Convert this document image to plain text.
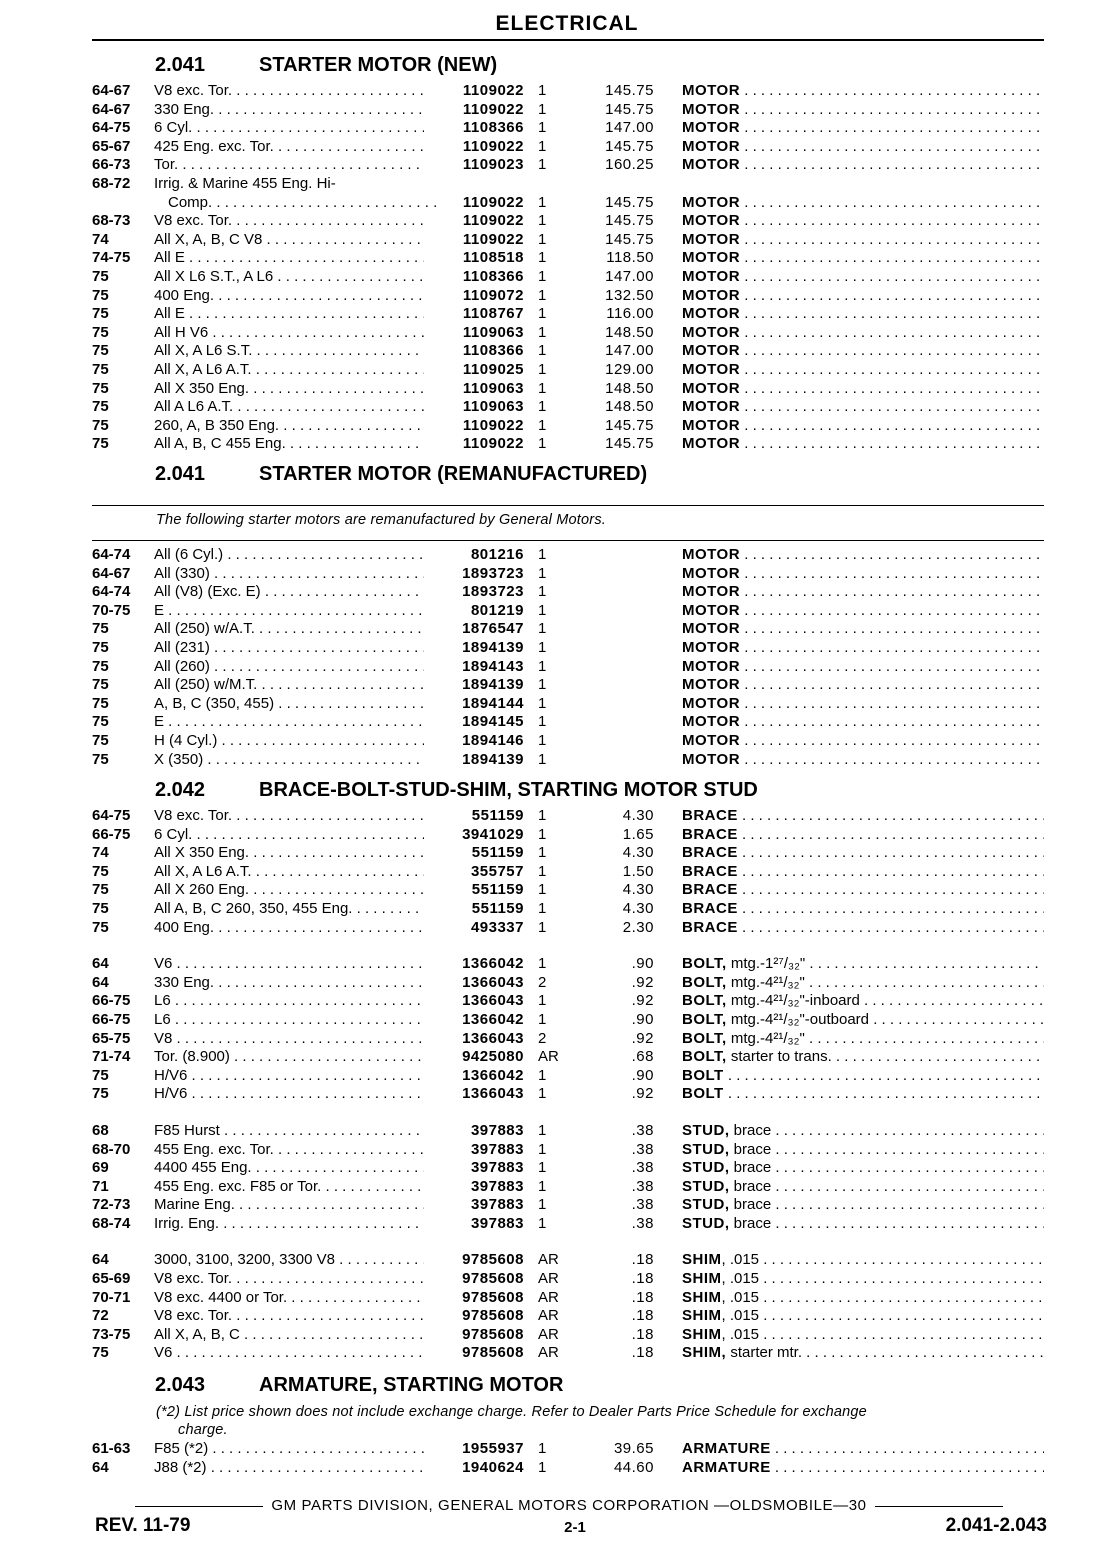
ELECTRICAL
2.041	STARTER MOTOR (NEW)
64-67	V8 exc. Tor. . . .	1109022 1	145.75 MOTOR . . .
64-67	330 Eng. . . .	1109022 1	145.75 MOTOR . . .
64-75	6 Cyl. . . .	1108366 1	147.00 MOTOR . . .
65-67	425 Eng. exc. Tor. . . .	1109022 1	145.75 MOTOR . . .
66-73	Tor. . . .	1109023 1	160.25 MOTOR . . .
68-72	Irrig. & Marine 455 Eng. Hi-
Comp. . . .	1109022 1	145.75 MOTOR . . .
68-73	V8 exc. Tor. . . .	1109022 1	145.75 MOTOR . . .
74	All X, A, B, C V8 . . .	1109022 1	145.75 MOTOR . . .
74-75	All E . . .	1108518 1	118.50 MOTOR . . .
75	All X L6 S.T., A L6 . . .	1108366 1	147.00 MOTOR . . .
75	400 Eng. . . .	1109072 1	132.50 MOTOR . . .
75	All E . . .	1108767 1	116.00 MOTOR . . .
75	All H V6 . . .	1109063 1	148.50 MOTOR . . .
75	All X, A L6 S.T. . . .	1108366 1	147.00 MOTOR . . .
75	All X, A L6 A.T. . . .	1109025 1	129.00 MOTOR . . .
75	All X 350 Eng. . . .	1109063 1	148.50 MOTOR . . .
75	All A L6 A.T. . . .	1109063 1	148.50 MOTOR . . .
75	260, A, B 350 Eng. . . .	1109022 1	145.75 MOTOR . . .
75	All A, B, C 455 Eng. . . .	1109022 1	145.75 MOTOR . . .
2.041	STARTER MOTOR (REMANUFACTURED)
The following starter motors are remanufactured by General Motors.
64-74	All (6 Cyl.) . . .	801216 1	MOTOR . . .
64-67	All (330) . . .	1893723 1	MOTOR . . .
64-74	All (V8) (Exc. E) . . .	1893723 1	MOTOR . . .
70-75	E . . .	801219 1	MOTOR . . .
75	All (250) w/A.T. . . .	1876547 1	MOTOR . . .
75	All (231) . . .	1894139 1	MOTOR . . .
75	All (260) . . .	1894143 1	MOTOR . . .
75	All (250) w/M.T. . . .	1894139 1	MOTOR . . .
75	A, B, C (350, 455) . . .	1894144 1	MOTOR . . .
75	E . . .	1894145 1	MOTOR . . .
75	H (4 Cyl.) . . .	1894146 1	MOTOR . . .
75	X (350) . . .	1894139 1	MOTOR . . .
2.042	BRACE-BOLT-STUD-SHIM, STARTING MOTOR STUD
64-75	V8 exc. Tor. . . .	551159 1	4.30 BRACE . . .
66-75	6 Cyl. . . .	3941029 1	1.65 BRACE . . .
74	All X 350 Eng. . . .	551159 1	4.30 BRACE . . .
75	All X, A L6 A.T. . . .	355757 1	1.50 BRACE . . .
75	All X 260 Eng. . . .	551159 1	4.30 BRACE . . .
75	All A, B, C 260, 350, 455 Eng. . . .	551159 1	4.30 BRACE . . .
75	400 Eng. . . .	493337 1	2.30 BRACE . . .
64	V6 . . .	1366042 1	.90 BOLT, mtg.-1²⁷/₃₂" . . .
64	330 Eng. . . .	1366043 2	.92 BOLT, mtg.-4²¹/₃₂" . . .
66-75	L6 . . .	1366043 1	.92 BOLT, mtg.-4²¹/₃₂"-inboard . . .
66-75	L6 . . .	1366042 1	.90 BOLT, mtg.-4²¹/₃₂"-outboard . . .
65-75	V8 . . .	1366043 2	.92 BOLT, mtg.-4²¹/₃₂" . . .
71-74	Tor. (8.900) . . .	9425080 AR	.68 BOLT, starter to trans. . . .
75	H/V6 . . .	1366042 1	.90 BOLT . . .
75	H/V6 . . .	1366043 1	.92 BOLT . . .
68	F85 Hurst . . .	397883 1	.38 STUD, brace . . .
68-70	455 Eng. exc. Tor. . . .	397883 1	.38 STUD, brace . . .
69	4400 455 Eng. . . .	397883 1	.38 STUD, brace . . .
71	455 Eng. exc. F85 or Tor. . . .	397883 1	.38 STUD, brace . . .
72-73	Marine Eng. . . .	397883 1	.38 STUD, brace . . .
68-74	Irrig. Eng. . . .	397883 1	.38 STUD, brace . . .
64	3000, 3100, 3200, 3300 V8 . . .	9785608 AR	.18 SHIM, .015 . . .
65-69	V8 exc. Tor. . . .	9785608 AR	.18 SHIM, .015 . . .
70-71	V8 exc. 4400 or Tor. . . .	9785608 AR	.18 SHIM, .015 . . .
72	V8 exc. Tor. . . .	9785608 AR	.18 SHIM, .015 . . .
73-75	All X, A, B, C . . .	9785608 AR	.18 SHIM, .015 . . .
75	V6 . . .	9785608 AR	.18 SHIM, starter mtr. . . .
2.043	ARMATURE, STARTING MOTOR
(*2) List price shown does not include exchange charge. Refer to Dealer Parts Price Schedule for exchange
charge.
61-63	F85 (*2) . . .	1955937 1	39.65 ARMATURE . . .
64	J88 (*2) . . .	1940624 1	44.60 ARMATURE . . .
GM PARTS DIVISION, GENERAL MOTORS CORPORATION —OLDSMOBILE—30
REV. 11-79	2-1	2.041-2.043
